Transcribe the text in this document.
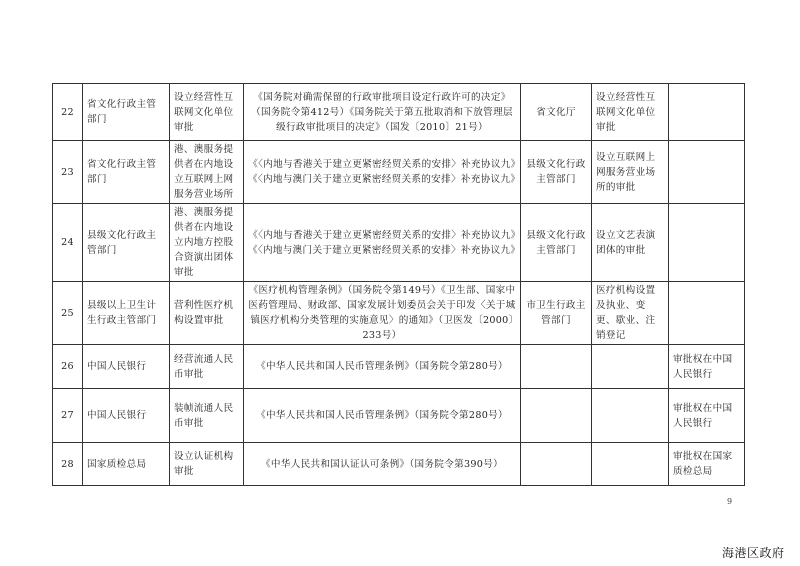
22	省文化行政主管部门	设立经营性互联网文化单位审批	《国务院对确需保留的行政审批项目设定行政许可的决定》（国务院令第412号）《国务院关于第五批取消和下放管理层级行政审批项目的决定》（国发〔2010〕21号）	省文化厅	设立经营性互联网文化单位审批	
23	省文化行政主管部门	港、澳服务提供者在内地设立互联网上网服务营业场所	《〈内地与香港关于建立更紧密经贸关系的安排〉补充协议九》《〈内地与澳门关于建立更紧密经贸关系的安排〉补充协议九》	县级文化行政主管部门	设立互联网上网服务营业场所的审批	
24	县级文化行政主管部门	港、澳服务提供者在内地设立内地方控股合资演出团体审批	《〈内地与香港关于建立更紧密经贸关系的安排〉补充协议九》《〈内地与澳门关于建立更紧密经贸关系的安排〉补充协议九》	县级文化行政主管部门	设立文艺表演团体的审批	
25	县级以上卫生计生行政主管部门	营利性医疗机构设置审批	《医疗机构管理条例》（国务院令第149号）《卫生部、国家中医药管理局、财政部、国家发展计划委员会关于印发〈关于城镇医疗机构分类管理的实施意见〉的通知》（卫医发〔2000〕233号）	市卫生行政主管部门	医疗机构设置及执业、变更、歇业、注销登记	
26	中国人民银行	经营流通人民币审批	《中华人民共和国人民币管理条例》（国务院令第280号）			审批权在中国人民银行
27	中国人民银行	装帧流通人民币审批	《中华人民共和国人民币管理条例》（国务院令第280号）			审批权在中国人民银行
28	国家质检总局	设立认证机构审批	《中华人民共和国认证认可条例》（国务院令第390号）			审批权在国家质检总局
9
海港区政府
